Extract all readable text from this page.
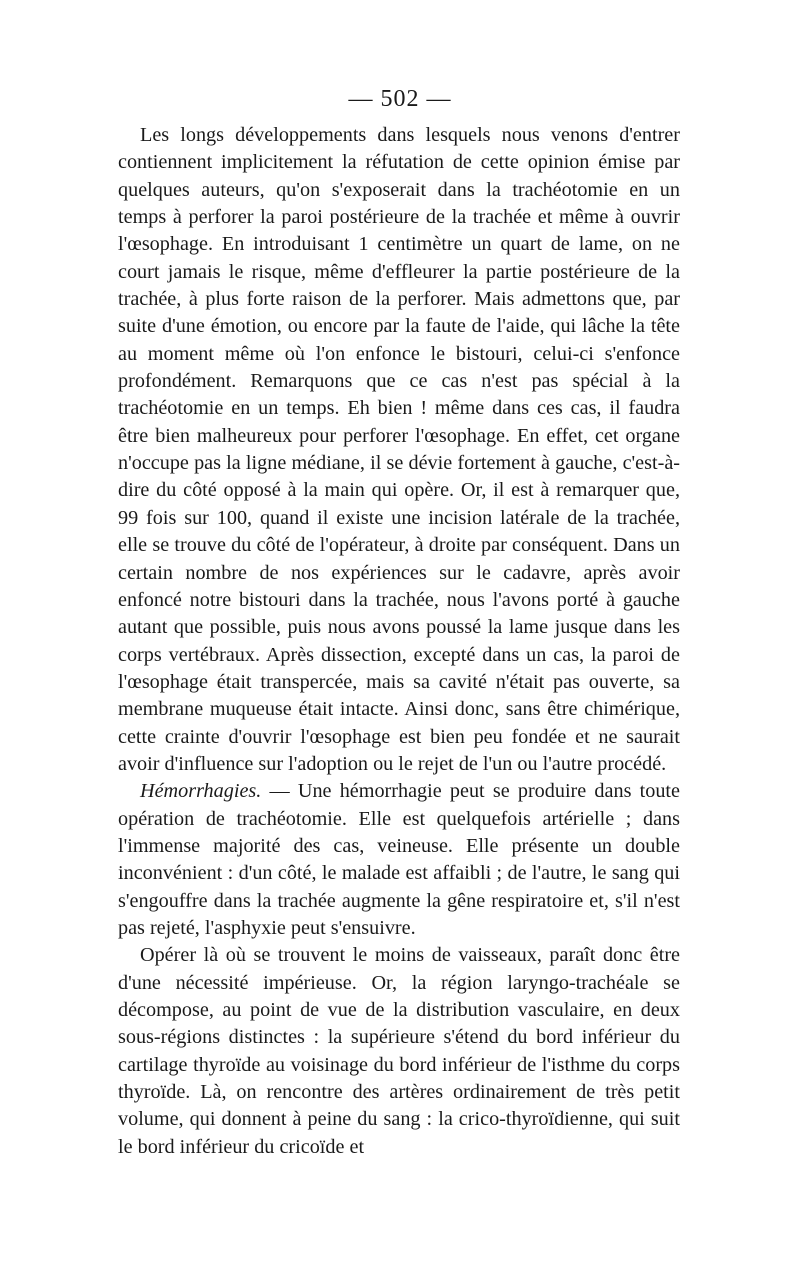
— 502 —

Les longs développements dans lesquels nous venons d'entrer contiennent implicitement la réfutation de cette opinion émise par quelques auteurs, qu'on s'exposerait dans la trachéotomie en un temps à perforer la paroi postérieure de la trachée et même à ouvrir l'œsophage. En introduisant 1 centimètre un quart de lame, on ne court jamais le risque, même d'effleurer la partie postérieure de la trachée, à plus forte raison de la perforer. Mais admettons que, par suite d'une émotion, ou encore par la faute de l'aide, qui lâche la tête au moment même où l'on enfonce le bistouri, celui-ci s'enfonce profondément. Remarquons que ce cas n'est pas spécial à la trachéotomie en un temps. Eh bien ! même dans ces cas, il faudra être bien malheureux pour perforer l'œsophage. En effet, cet organe n'occupe pas la ligne médiane, il se dévie fortement à gauche, c'est-à-dire du côté opposé à la main qui opère. Or, il est à remarquer que, 99 fois sur 100, quand il existe une incision latérale de la trachée, elle se trouve du côté de l'opérateur, à droite par conséquent. Dans un certain nombre de nos expériences sur le cadavre, après avoir enfoncé notre bistouri dans la trachée, nous l'avons porté à gauche autant que possible, puis nous avons poussé la lame jusque dans les corps vertébraux. Après dissection, excepté dans un cas, la paroi de l'œsophage était transpercée, mais sa cavité n'était pas ouverte, sa membrane muqueuse était intacte. Ainsi donc, sans être chimérique, cette crainte d'ouvrir l'œsophage est bien peu fondée et ne saurait avoir d'influence sur l'adoption ou le rejet de l'un ou l'autre procédé.

Hémorrhagies. — Une hémorrhagie peut se produire dans toute opération de trachéotomie. Elle est quelquefois artérielle ; dans l'immense majorité des cas, veineuse. Elle présente un double inconvénient : d'un côté, le malade est affaibli ; de l'autre, le sang qui s'engouffre dans la trachée augmente la gêne respiratoire et, s'il n'est pas rejeté, l'asphyxie peut s'ensuivre.

Opérer là où se trouvent le moins de vaisseaux, paraît donc être d'une nécessité impérieuse. Or, la région laryngo-trachéale se décompose, au point de vue de la distribution vasculaire, en deux sous-régions distinctes : la supérieure s'étend du bord inférieur du cartilage thyroïde au voisinage du bord inférieur de l'isthme du corps thyroïde. Là, on rencontre des artères ordinairement de très petit volume, qui donnent à peine du sang : la crico-thyroïdienne, qui suit le bord inférieur du cricoïde et
